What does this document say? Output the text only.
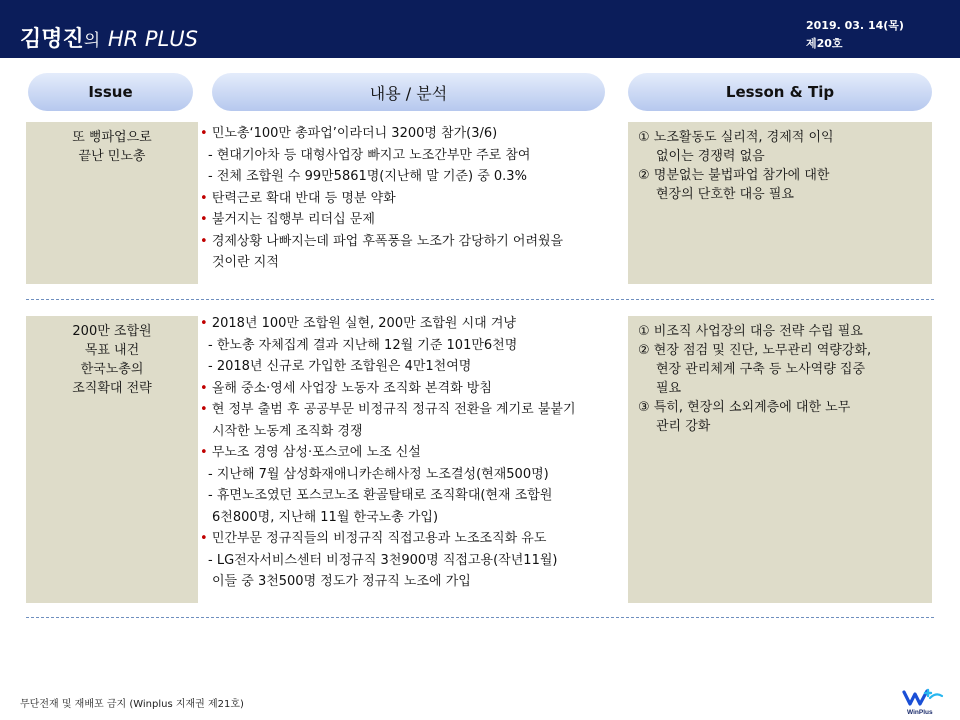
김명진의 HR PLUS
2019. 03. 14(목)
제20호
Issue	내용 / 분석	Lesson & Tip
또 뻥파업으로
끝난 민노총
• 민노총‘100만 총파업’이라더니 3200명 참가(3/6)
- 현대기아차 등 대형사업장 빠지고 노조간부만 주로 참여
- 전체 조합원 수 99만5861명(지난해 말 기준) 중 0.3%
• 탄력근로 확대 반대 등 명분 약화
• 불거지는 집행부 리더십 문제
• 경제상황 나빠지는데 파업 후폭풍을 노조가 감당하기 어려웠을
것이란 지적

① 노조활동도 실리적, 경제적 이익

없이는 경쟁력 없음

② 명분없는 불법파업 참가에 대한

현장의 단호한 대응 필요

200만 조합원
목표 내건
한국노총의
조직확대 전략
• 2018년 100만 조합원 실현, 200만 조합원 시대 겨냥
- 한노총 자체집계 결과 지난해 12월 기준 101만6천명
- 2018년 신규로 가입한 조합원은 4만1천여명
• 올해 중소·영세 사업장 노동자 조직화 본격화 방침
• 현 정부 출범 후 공공부문 비정규직 정규직 전환을 계기로 불붙기
시작한 노동계 조직화 경쟁
• 무노조 경영 삼성·포스코에 노조 신설
- 지난해 7월 삼성화재애니카손해사정 노조결성(현재500명)
- 휴면노조였던 포스코노조 환골탈태로 조직확대(현재 조합원
6천800명, 지난해 11월 한국노총 가입)
• 민간부문 정규직들의 비정규직 직접고용과 노조조직화 유도
- LG전자서비스센터 비정규직 3천900명 직접고용(작년11월)
이들 중 3천500명 정도가 정규직 노조에 가입

① 비조직 사업장의 대응 전략 수립 필요

② 현장 점검 및 진단, 노무관리 역량강화,

현장 관리체계 구축 등 노사역량 집중

필요

③ 특히, 현장의 소외계층에 대한 노무

관리 강화

무단전재 및 재배포 금지 (Winplus 지재권 제21호)
WinPlus
